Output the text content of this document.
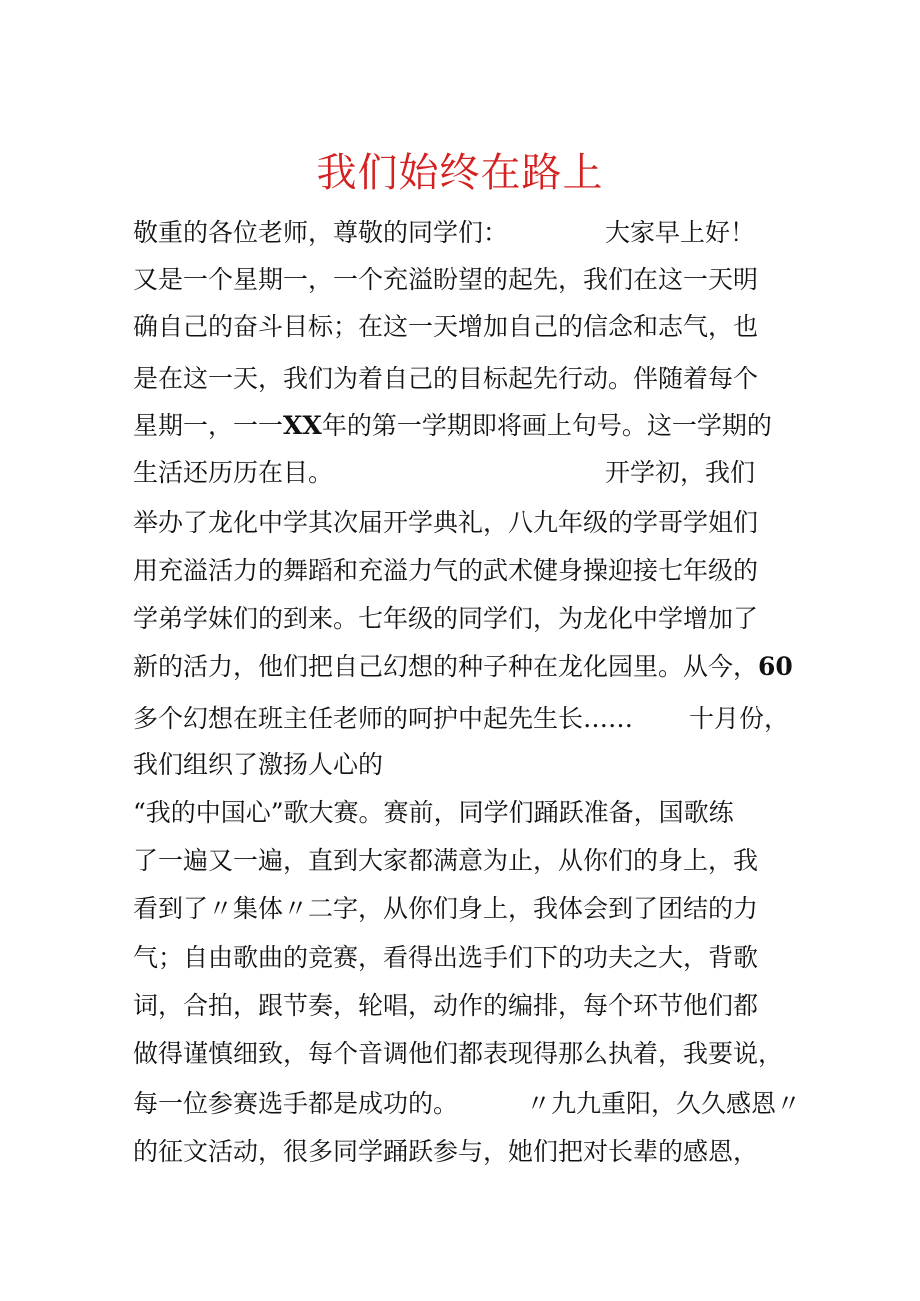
我们始终在路上

敬重的各位老师，尊敬的同学们：	大家早上好！

又是一个星期一，一个充溢盼望的起先，我们在这一天明

确自己的奋斗目标；在这一天增加自己的信念和志气，也

是在这一天，我们为着自己的目标起先行动。伴随着每个

星期一，一一XX年的第一学期即将画上句号。这一学期的

生活还历历在目。	开学初，我们

举办了龙化中学其次届开学典礼，八九年级的学哥学姐们

用充溢活力的舞蹈和充溢力气的武术健身操迎接七年级的

学弟学妹们的到来。七年级的同学们，为龙化中学增加了

新的活力，他们把自己幻想的种子种在龙化园里。从今，60

多个幻想在班主任老师的呵护中起先生长…… 十月份，

我们组织了激扬人心的

“我的中国心”歌大赛。赛前，同学们踊跃准备，国歌练

了一遍又一遍，直到大家都满意为止，从你们的身上，我

看到了〃集体〃二字，从你们身上，我体会到了团结的力

气；自由歌曲的竞赛，看得出选手们下的功夫之大，背歌

词，合拍，跟节奏，轮唱，动作的编排，每个环节他们都

做得谨慎细致，每个音调他们都表现得那么执着，我要说，

每一位参赛选手都是成功的。	〃九九重阳，久久感恩〃

的征文活动，很多同学踊跃参与，她们把对长辈的感恩，
